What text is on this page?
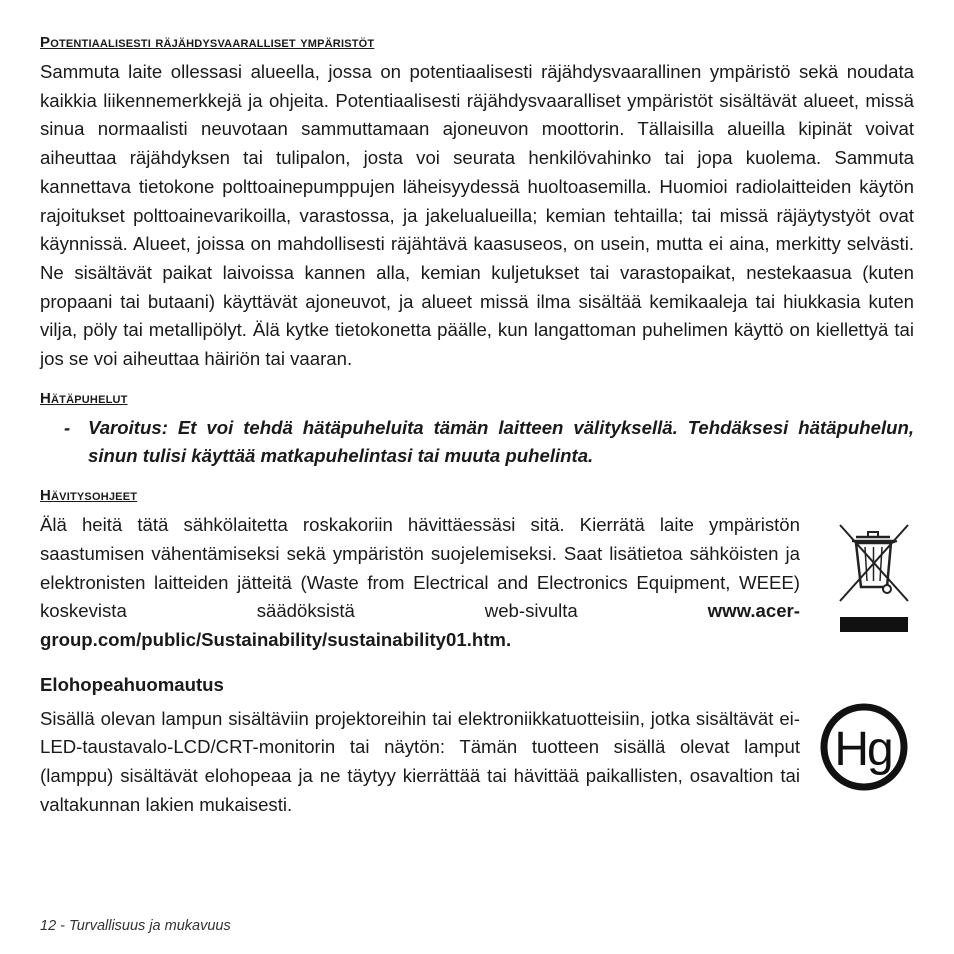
Potentiaalisesti räjähdysvaaralliset ympäristöt

Sammuta laite ollessasi alueella, jossa on potentiaalisesti räjähdysvaarallinen ympäristö sekä noudata kaikkia liikennemerkkejä ja ohjeita. Potentiaalisesti räjähdysvaaralliset ympäristöt sisältävät alueet, missä sinua normaalisti neuvotaan sammuttamaan ajoneuvon moottorin. Tällaisilla alueilla kipinät voivat aiheuttaa räjähdyksen tai tulipalon, josta voi seurata henkilövahinko tai jopa kuolema. Sammuta kannettava tietokone polttoainepumppujen läheisyydessä huoltoasemilla. Huomioi radiolaitteiden käytön rajoitukset polttoainevarikoilla, varastossa, ja jakelualueilla; kemian tehtailla; tai missä räjäytystyöt ovat käynnissä. Alueet, joissa on mahdollisesti räjähtävä kaasuseos, on usein, mutta ei aina, merkitty selvästi. Ne sisältävät paikat laivoissa kannen alla, kemian kuljetukset tai varastopaikat, nestekaasua (kuten propaani tai butaani) käyttävät ajoneuvot, ja alueet missä ilma sisältää kemikaaleja tai hiukkasia kuten vilja, pöly tai metallipölyt. Älä kytke tietokonetta päälle, kun langattoman puhelimen käyttö on kiellettyä tai jos se voi aiheuttaa häiriön tai vaaran.

Hätäpuhelut
- Varoitus: Et voi tehdä hätäpuheluita tämän laitteen välityksellä. Tehdäksesi hätäpuhelun, sinun tulisi käyttää matkapuhelintasi tai muuta puhelinta.
Hävitysohjeet

Älä heitä tätä sähkölaitetta roskakoriin hävittäessäsi sitä. Kierrätä laite ympäristön saastumisen vähentämiseksi sekä ympäristön suojelemiseksi. Saat lisätietoa sähköisten ja elektronisten laitteiden jätteitä (Waste from Electrical and Electronics Equipment, WEEE) koskevista säädöksistä web-sivulta www.acer-group.com/public/Sustainability/sustainability01.htm.

Elohopeahuomautus

Sisällä olevan lampun sisältäviin projektoreihin tai elektroniikkatuotteisiin, jotka sisältävät ei-LED-taustavalo-LCD/CRT-monitorin tai näytön: Tämän tuotteen sisällä olevat lamput (lamppu) sisältävät elohopeaa ja ne täytyy kierrättää tai hävittää paikallisten, osavaltion tai valtakunnan lakien mukaisesti.

Hg
12 - Turvallisuus ja mukavuus
